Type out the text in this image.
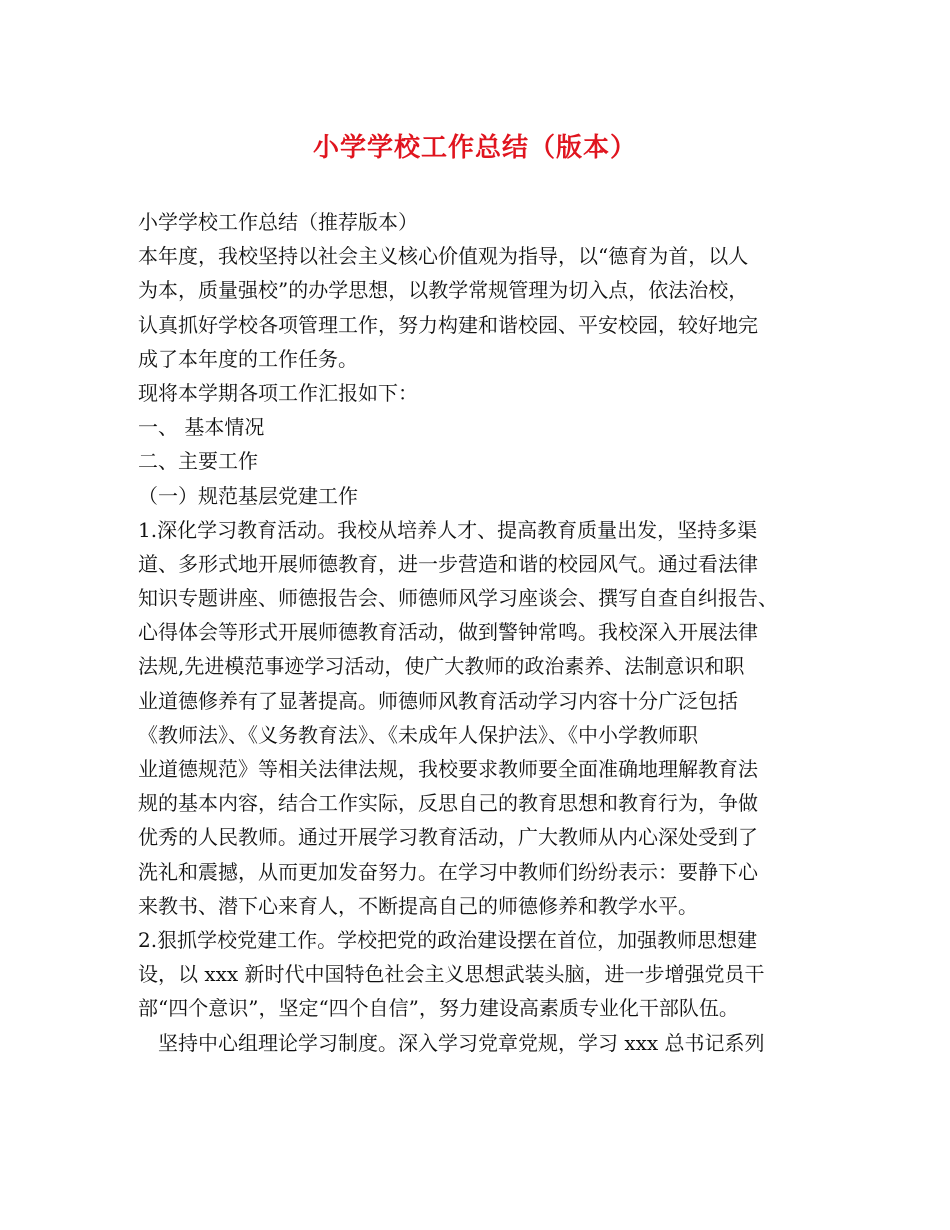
小学学校工作总结（版本）
小学学校工作总结（推荐版本）
本年度，我校坚持以社会主义核心价值观为指导，以“德育为首，以人
为本，质量强校”的办学思想，以教学常规管理为切入点，依法治校，
认真抓好学校各项管理工作，努力构建和谐校园、平安校园，较好地完
成了本年度的工作任务。
现将本学期各项工作汇报如下：
一、 基本情况
二、主要工作
（一）规范基层党建工作
1.深化学习教育活动。我校从培养人才、提高教育质量出发，坚持多渠
道、多形式地开展师德教育，进一步营造和谐的校园风气。通过看法律
知识专题讲座、师德报告会、师德师风学习座谈会、撰写自查自纠报告、
心得体会等形式开展师德教育活动，做到警钟常鸣。我校深入开展法律
法规,先进模范事迹学习活动，使广大教师的政治素养、法制意识和职
业道德修养有了显著提高。师德师风教育活动学习内容十分广泛包括
《教师法》、《义务教育法》、《未成年人保护法》、《中小学教师职
业道德规范》等相关法律法规，我校要求教师要全面准确地理解教育法
规的基本内容，结合工作实际，反思自己的教育思想和教育行为，争做
优秀的人民教师。通过开展学习教育活动，广大教师从内心深处受到了
洗礼和震撼，从而更加发奋努力。在学习中教师们纷纷表示：要静下心
来教书、潜下心来育人，不断提高自己的师德修养和教学水平。
2.狠抓学校党建工作。学校把党的政治建设摆在首位，加强教师思想建
设，以 xxx 新时代中国特色社会主义思想武装头脑，进一步增强党员干
部“四个意识”，坚定“四个自信”，努力建设高素质专业化干部队伍。
坚持中心组理论学习制度。深入学习党章党规，学习 xxx 总书记系列
